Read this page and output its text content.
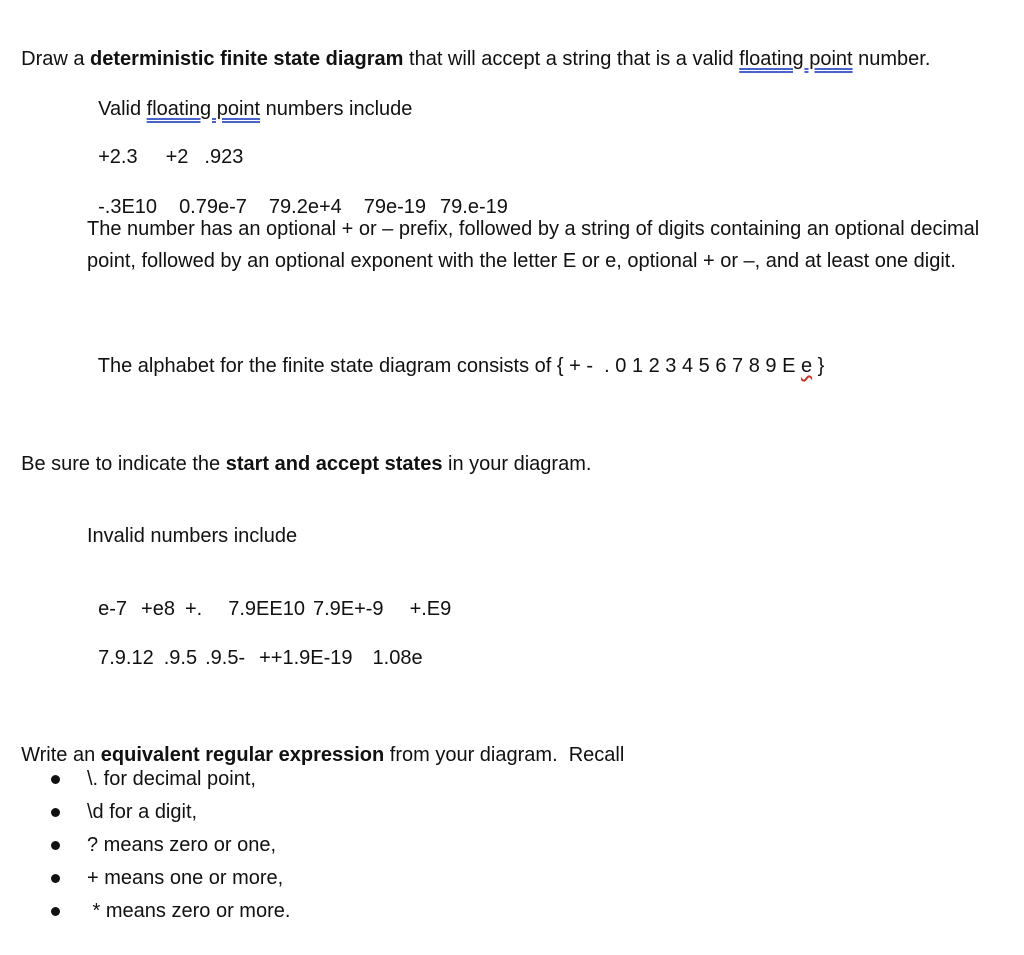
Draw a deterministic finite state diagram that will accept a string that is a valid floating point number.

Valid floating point numbers include

+2.3 +2 .923

-.3E10 0.79e-7 79.2e+4 79e-19 79.e-19

The number has an optional + or – prefix, followed by a string of digits containing an optional decimal point, followed by an optional exponent with the letter E or e, optional + or –, and at least one digit.

The alphabet for the finite state diagram consists of { + -  . 0 1 2 3 4 5 6 7 8 9 E e }

Be sure to indicate the start and accept states in your diagram.

Invalid numbers include

e-7 +e8 +. 7.9EE10 7.9E+-9 +.E9

7.9.12 .9.5 .9.5- ++1.9E-19 1.08e

Write an equivalent regular expression from your diagram.  Recall

\. for decimal point,
\d for a digit,
? means zero or one,
+ means one or more,
* means zero or more.
